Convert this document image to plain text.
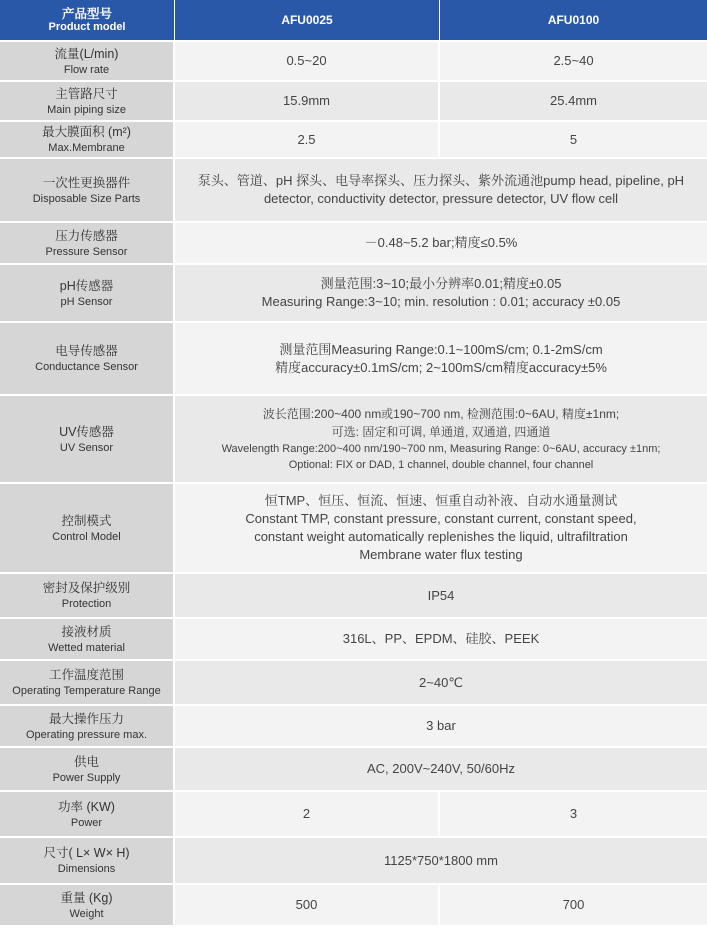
产品型号
Product model	AFU0025	AFU0100

流量(L/min)
Flow rate	0.5~20	2.5~40

主管路尺寸
Main piping size	15.9mm	25.4mm

最大膜面积 (m²)
Max.Membrane	2.5	5

一次性更换器件
Disposable Size Parts	泵头、管道、pH 探头、电导率探头、压力探头、紫外流通池pump head, pipeline, pH
detector, conductivity detector, pressure detector, UV flow cell	

压力传感器
Pressure Sensor	－0.48~5.2 bar;精度≤0.5%	

pH传感器
pH Sensor	测量范围:3~10;最小分辨率0.01;精度±0.05
Measuring Range:3~10; min. resolution : 0.01; accuracy ±0.05	

电导传感器
Conductance Sensor	测量范围Measuring Range:0.1~100mS/cm; 0.1-2mS/cm
精度accuracy±0.1mS/cm; 2~100mS/cm精度accuracy±5%	

UV传感器
UV Sensor	波长范围:200~400 nm或190~700 nm, 检测范围:0~6AU, 精度±1nm;
可选: 固定和可调, 单通道, 双通道, 四通道
Wavelength Range:200~400 nm/190~700 nm, Measuring Range: 0~6AU, accuracy ±1nm;
Optional: FIX or DAD, 1 channel, double channel, four channel	

控制模式
Control Model	恒TMP、恒压、恒流、恒速、恒重自动补液、自动水通量测试
Constant TMP, constant pressure, constant current, constant speed,
constant weight automatically replenishes the liquid, ultrafiltration
Membrane water flux testing	

密封及保护级别
Protection	IP54	

接液材质
Wetted material	316L、PP、EPDM、硅胶、PEEK	

工作温度范围
Operating Temperature Range	2~40℃	

最大操作压力
Operating pressure max.	3 bar	

供电
Power Supply	AC, 200V~240V, 50/60Hz	

功率 (KW)
Power	2	3

尺寸( L× W× H)
Dimensions	1125*750*1800 mm	

重量 (Kg)
Weight	500	700
